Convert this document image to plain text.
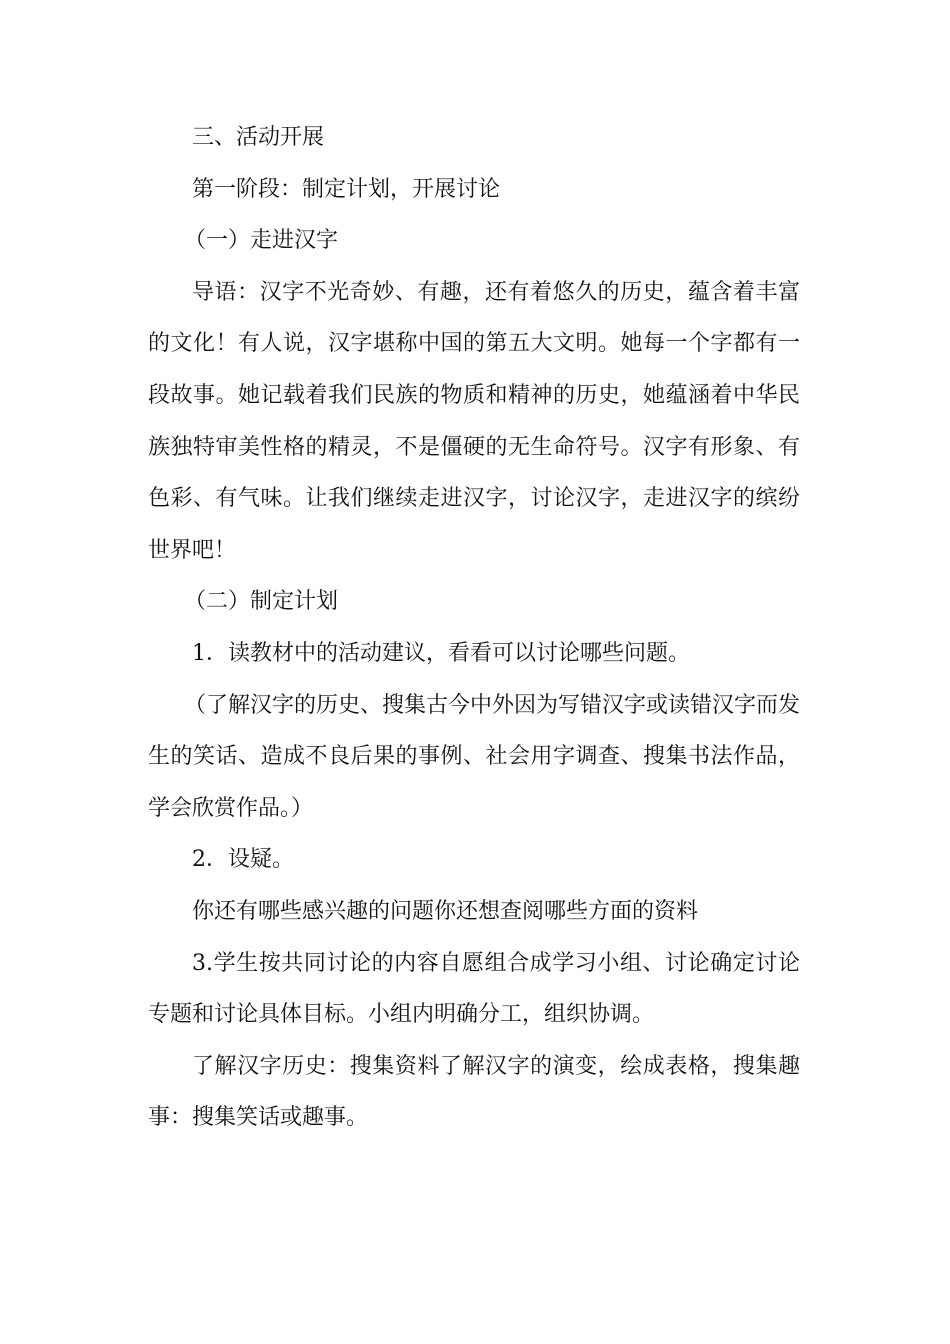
三、活动开展

第一阶段：制定计划，开展讨论

（一）走进汉字

导语：汉字不光奇妙、有趣，还有着悠久的历史，蕴含着丰富的文化！有人说，汉字堪称中国的第五大文明。她每一个字都有一段故事。她记载着我们民族的物质和精神的历史，她蕴涵着中华民族独特审美性格的精灵，不是僵硬的无生命符号。汉字有形象、有色彩、有气味。让我们继续走进汉字，讨论汉字，走进汉字的缤纷世界吧！

（二）制定计划

1．读教材中的活动建议，看看可以讨论哪些问题。

（了解汉字的历史、搜集古今中外因为写错汉字或读错汉字而发生的笑话、造成不良后果的事例、社会用字调查、搜集书法作品，学会欣赏作品。）

2．设疑。

你还有哪些感兴趣的问题你还想查阅哪些方面的资料

3.学生按共同讨论的内容自愿组合成学习小组、讨论确定讨论专题和讨论具体目标。小组内明确分工，组织协调。

了解汉字历史：搜集资料了解汉字的演变，绘成表格，搜集趣事：搜集笑话或趣事。
